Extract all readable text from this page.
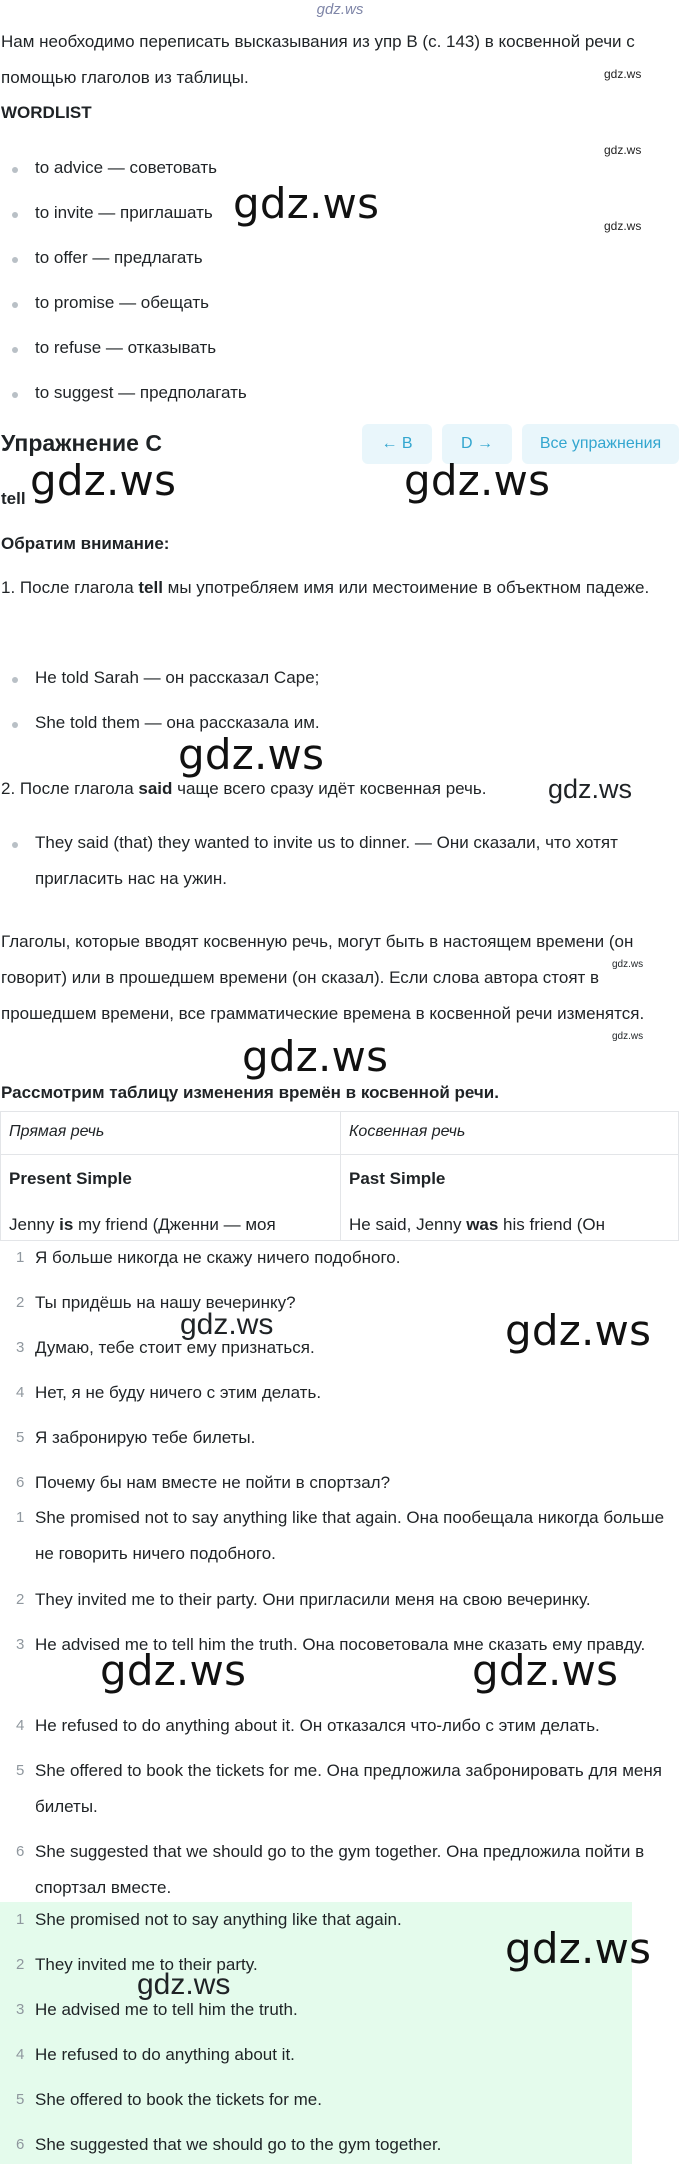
gdz.ws
Нам необходимо переписать высказывания из упр B (с. 143) в косвенной речи с помощью глаголов из таблицы.	gdz.ws
WORDLIST
gdz.ws
gdz.ws
to advice — советовать
to invite — приглашать
to offer — предлагать
to promise — обещать
to refuse — отказывать
to suggest — предполагать
gdz.ws
Упражнение C	← B	D →	Все упражнения
tell gdz.ws	gdz.ws
Обратим внимание:
1. После глагола tell мы употребляем имя или местоимение в объектном падеже.
He told Sarah — он рассказал Саре;
She told them — она рассказала им.
gdz.ws
2. После глагола said чаще всего сразу идёт косвенная речь.	gdz.ws
They said (that) they wanted to invite us to dinner. — Они сказали, что хотят пригласить нас на ужин.
Глаголы, которые вводят косвенную речь, могут быть в настоящем времени (он говорит) или в прошедшем времени (он сказал). Если слова автора стоят в прошедшем времени, все грамматические времена в косвенной речи изменятся.
gdz.ws
gdz.ws
gdz.ws
Рассмотрим таблицу изменения времён в косвенной речи.
Прямая речь	Косвенная речь
Present Simple	Past Simple
Jenny is my friend (Дженни — моя	He said, Jenny was his friend (Он
1 Я больше никогда не скажу ничего подобного.
2 Ты придёшь на нашу вечеринку?
3 Думаю, тебе стоит ему признаться.
4 Нет, я не буду ничего с этим делать.
5 Я забронирую тебе билеты.
6 Почему бы нам вместе не пойти в спортзал?
gdz.ws	gdz.ws
1 She promised not to say anything like that again. Она пообещала никогда больше не говорить ничего подобного.
2 They invited me to their party. Они пригласили меня на свою вечеринку.
3 He advised me to tell him the truth. Она посоветовала мне сказать ему правду.
4 He refused to do anything about it. Он отказался что-либо с этим делать.
5 She offered to book the tickets for me. Она предложила забронировать для меня билеты.
6 She suggested that we should go to the gym together. Она предложила пойти в спортзал вместе.
gdz.ws	gdz.ws
1 She promised not to say anything like that again.
2 They invited me to their party.
3 He advised me to tell him the truth.
4 He refused to do anything about it.
5 She offered to book the tickets for me.
6 She suggested that we should go to the gym together.
gdz.ws
gdz.ws
